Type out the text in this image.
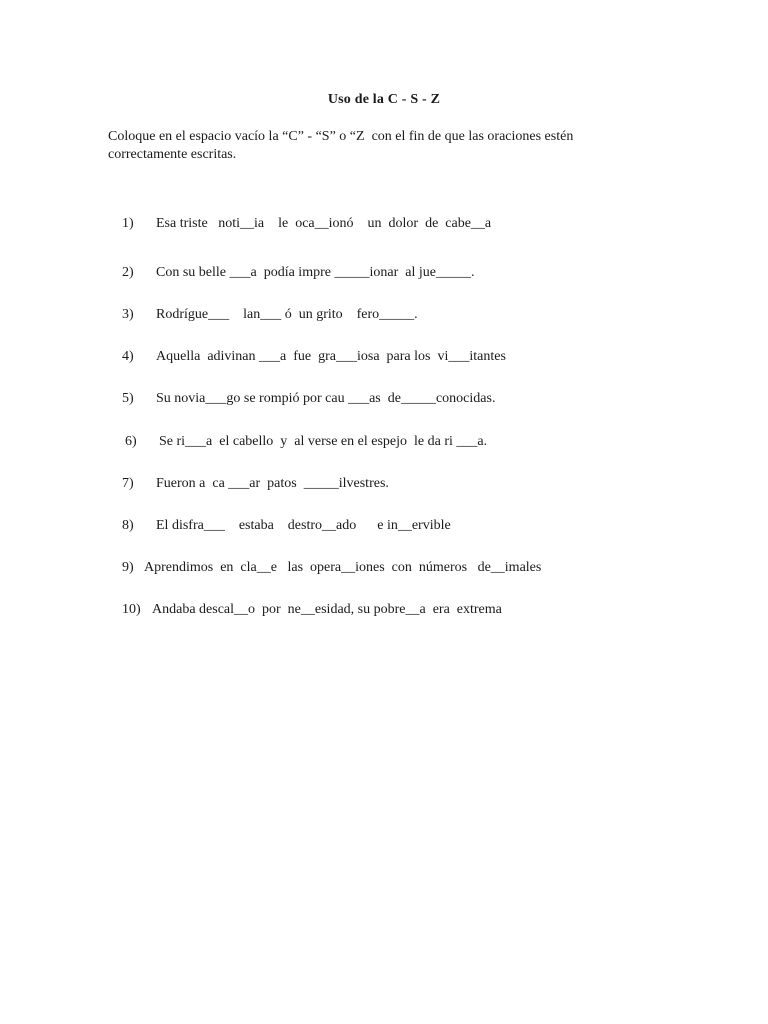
Uso de la C - S - Z
Coloque en el espacio vacío la “C” - “S” o “Z  con el fin de que las oraciones estén
correctamente escritas.

1) Esa triste   noti__ia    le  oca__ionó    un  dolor  de  cabe__a

2) Con su belle ___a  podía impre _____ionar  al jue_____.

3) Rodrígue___    lan___ ó  un grito    fero_____.

4) Aquella  adivinan ___a  fue  gra___iosa  para los  vi___itantes

5) Su novia___go se rompió por cau ___as  de_____conocidas.

6) Se ri___a  el cabello  y  al verse en el espejo  le da ri ___a.

7) Fueron a  ca ___ar  patos  _____ilvestres.

8) El disfra___    estaba    destro__ado      e in__ervible

9) Aprendimos  en  cla__e   las  opera__iones  con  números   de__imales

10) Andaba descal__o  por  ne__esidad, su pobre__a  era  extrema
